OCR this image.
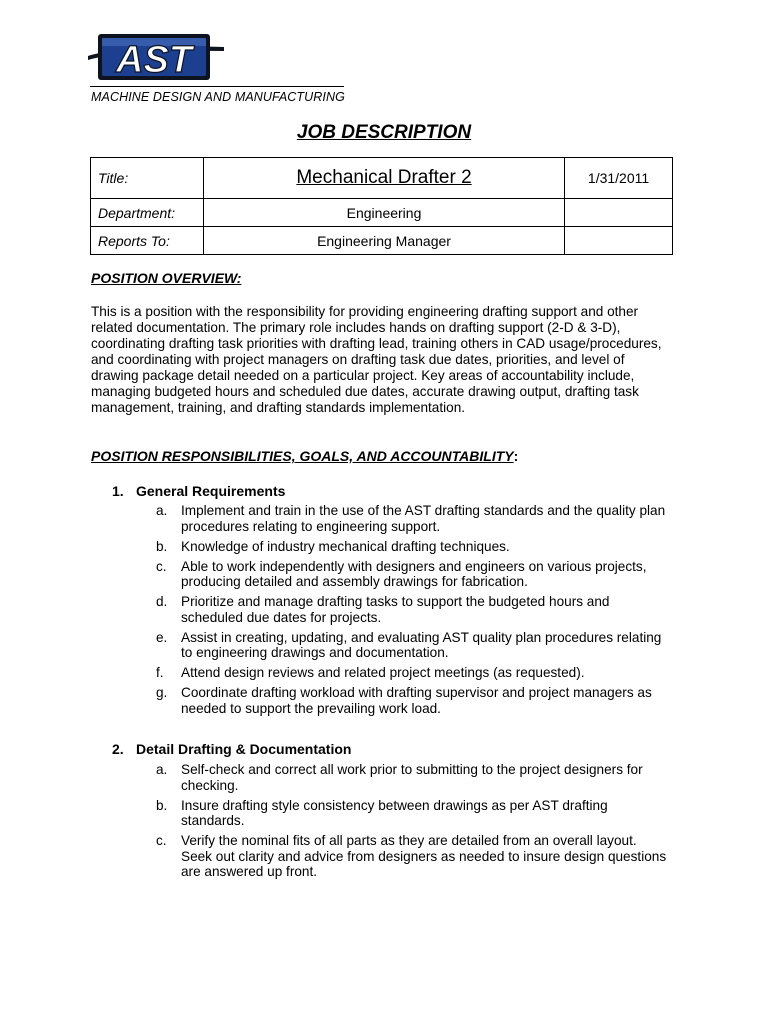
AST
MACHINE DESIGN AND MANUFACTURING
JOB DESCRIPTION
Title:	Mechanical Drafter 2	1/31/2011
Department:	Engineering	
Reports To:	Engineering Manager	
POSITION OVERVIEW:
This is a position with the responsibility for providing engineering drafting support and other
related documentation. The primary role includes hands on drafting support (2-D & 3-D),
coordinating drafting task priorities with drafting lead, training others in CAD usage/procedures,
and coordinating with project managers on drafting task due dates, priorities, and level of
drawing package detail needed on a particular project. Key areas of accountability include,
managing budgeted hours and scheduled due dates, accurate drawing output, drafting task
management, training, and drafting standards implementation.
POSITION RESPONSIBILITIES, GOALS, AND ACCOUNTABILITY:
1. General Requirements
a. Implement and train in the use of the AST drafting standards and the quality plan
procedures relating to engineering support.
b. Knowledge of industry mechanical drafting techniques.
c. Able to work independently with designers and engineers on various projects,
producing detailed and assembly drawings for fabrication.
d. Prioritize and manage drafting tasks to support the budgeted hours and
scheduled due dates for projects.
e. Assist in creating, updating, and evaluating AST quality plan procedures relating
to engineering drawings and documentation.
f. Attend design reviews and related project meetings (as requested).
g. Coordinate drafting workload with drafting supervisor and project managers as
needed to support the prevailing work load.
2. Detail Drafting & Documentation
a. Self-check and correct all work prior to submitting to the project designers for
checking.
b. Insure drafting style consistency between drawings as per AST drafting
standards.
c. Verify the nominal fits of all parts as they are detailed from an overall layout.
Seek out clarity and advice from designers as needed to insure design questions
are answered up front.
